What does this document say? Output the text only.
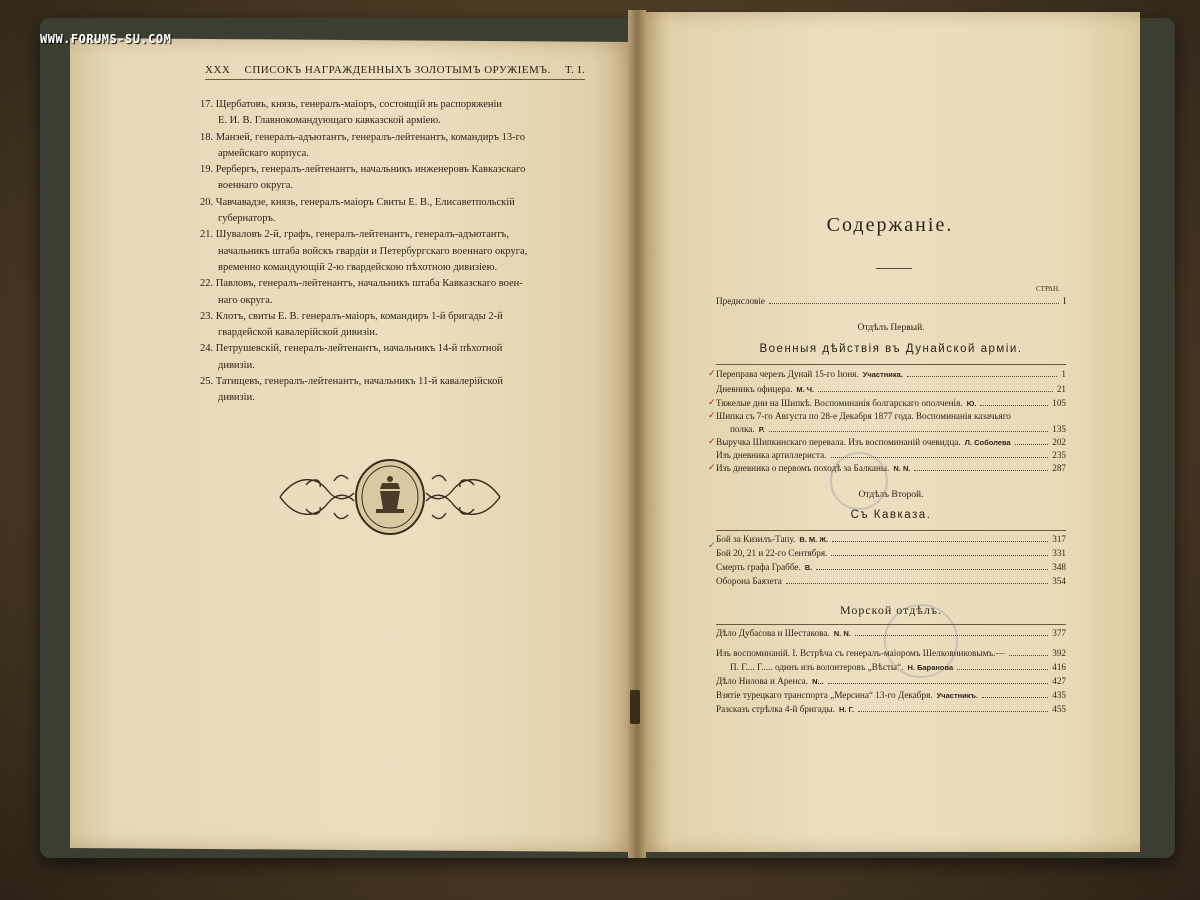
WWW.FORUMS-SU.COM
XXX СПИСОКЪ НАГРАЖДЕННЫХЪ ЗОЛОТЫМЪ ОРУЖІЕМЪ. Т. I.
17. Щербатовъ, князь, генералъ-маіоръ, состоящій въ распоряженіи
Е. И. В. Главнокомандующаго кавказской арміею.
18. Манзей, генералъ-адъютантъ, генералъ-лейтенантъ, командиръ 13-го
армейскаго корпуса.
19. Рербергъ, генералъ-лейтенантъ, начальникъ инженеровъ Кавказскаго
военнаго округа.
20. Чавчавадзе, князь, генералъ-маіоръ Свиты Е. В., Елисаветпольскій
губернаторъ.
21. Шуваловъ 2-й, графъ, генералъ-лейтенантъ, генералъ-адъютантъ,
начальникъ штаба войскъ гвардіи и Петербургскаго военнаго округа,
временно командующій 2-ю гвардейскою пѣхотною дивизіею.
22. Павловъ, генералъ-лейтенантъ, начальникъ штаба Кавказскаго воен-
наго округа.
23. Клотъ, свиты Е. В. генералъ-маіоръ, командиръ 1-й бригады 2-й
гвардейской кавалерійской дивизіи.
24. Петрушевскій, генералъ-лейтенантъ, начальникъ 14-й пѣхотной
дивизіи.
25. Татищевъ, генералъ-лейтенантъ, начальникъ 11-й кавалерійской
дивизіи.
Содержаніе.
СТРАН.
Предисловіе	I
Отдѣлъ Первый.
Военныя дѣйствія въ Дунайской арміи.
Переправа черезъ Дунай 15-го Іюня. Участника.	1
Дневникъ офицера. М. Ч.	21
Тяжелые дни на Шипкѣ. Воспоминанія болгарскаго ополченія. Ю.	105
Шипка съ 7-го Августа по 28-е Декабря 1877 года. Воспоминанія казачьяго
полка. Р.	135
Выручка Шипкинскаго перевала. Изъ воспоминаній очевидца. Л. Соболева	202
Изъ дневника артиллериста.	235
Изъ дневника о первомъ походѣ за Балканы. N. N.	287
Отдѣлъ Второй.
Съ Кавказа.
Бой за Кизилъ-Тапу. В. М. Ж.	317
Бой 20, 21 и 22-го Сентября.	331
Смерть графа Граббе. В.	348
Оборона Баязета	354
Морской отдѣлъ.
Дѣло Дубасова и Шестакова. N. N.	377
Изъ воспоминаній. I. Встрѣча съ генералъ-маіоромъ Шелковниковымъ.—	392
П. Г.... Г..... одинъ изъ волонтеровъ „Вѣсты“. Н. Баранова	416
Дѣло Нилова и Аренса. N...	427
Взятіе турецкаго транспорта „Мерсина“ 13-го Декабря. Участникъ.	435
Разсказъ стрѣлка 4-й бригады. Н. Г.	455
✓
✓
✓
✓
✓
✓
